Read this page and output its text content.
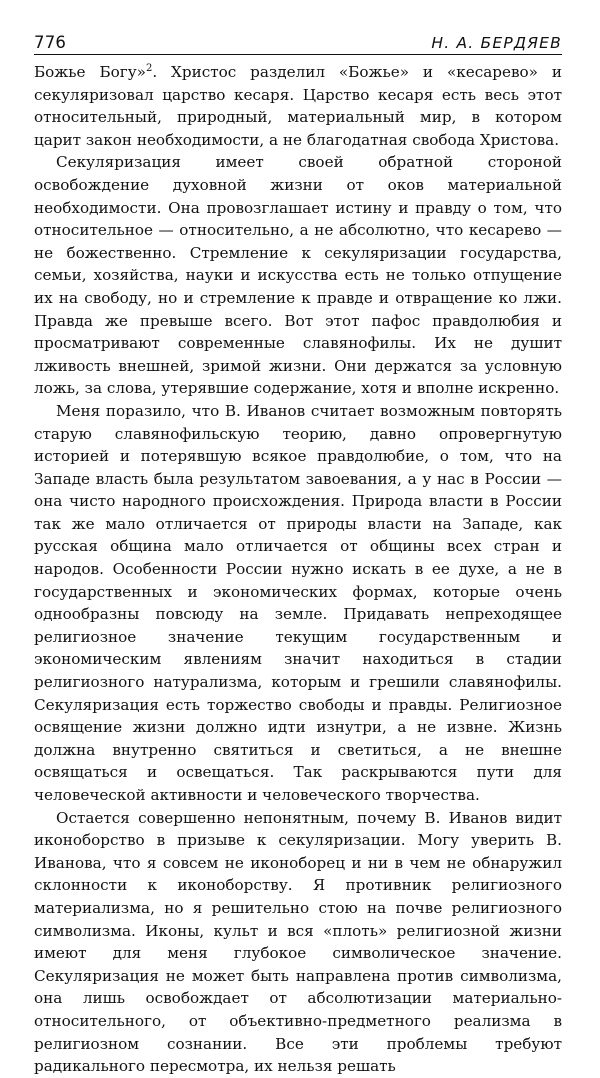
776	Н. А. БЕРДЯЕВ

Божье Богу»$^2$. Христос разделил «Божье» и «кесарево» и секуляризовал царство кесаря. Царство кесаря есть весь этот относительный, природный, материальный мир, в котором царит закон необходимости, а не благодатная свобода Христова.

Секуляризация имеет своей обратной стороной освобождение духовной жизни от оков материальной необходимости. Она провозглашает истину и правду о том, что относительное — относительно, а не абсолютно, что кесарево — не божественно. Стремление к секуляризации государства, семьи, хозяйства, науки и искусства есть не только отпущение их на свободу, но и стремление к правде и отвращение ко лжи. Правда же превыше всего. Вот этот пафос правдолюбия и просматривают современные славянофилы. Их не душит лживость внешней, зримой жизни. Они держатся за условную ложь, за слова, утерявшие содержание, хотя и вполне искренно.

Меня поразило, что В. Иванов считает возможным повторять старую славянофильскую теорию, давно опровергнутую историей и потерявшую всякое правдолюбие, о том, что на Западе власть была результатом завоевания, а у нас в России — она чисто народного происхождения. Природа власти в России так же мало отличается от природы власти на Западе, как русская община мало отличается от общины всех стран и народов. Особенности России нужно искать в ее духе, а не в государственных и экономических формах, которые очень однообразны повсюду на земле. Придавать непреходящее религиозное значение текущим государственным и экономическим явлениям значит находиться в стадии религиозного натурализма, которым и грешили славянофилы. Секуляризация есть торжество свободы и правды. Религиозное освящение жизни должно идти изнутри, а не извне. Жизнь должна внутренно святиться и светиться, а не внешне освящаться и освещаться. Так раскрываются пути для человеческой активности и человеческого творчества.

Остается совершенно непонятным, почему В. Иванов видит иконоборство в призыве к секуляризации. Могу уверить В. Иванова, что я совсем не иконоборец и ни в чем не обнаружил склонности к иконоборству. Я противник религиозного материализма, но я решительно стою на почве религиозного символизма. Иконы, культ и вся «плоть» религиозной жизни имеют для меня глубокое символическое значение. Секуляризация не может быть направлена против символизма, она лишь освобождает от абсолютизации материально-относительного, от объективно-предметного реализма в религиозном сознании. Все эти проблемы требуют радикального пересмотра, их нельзя решать
